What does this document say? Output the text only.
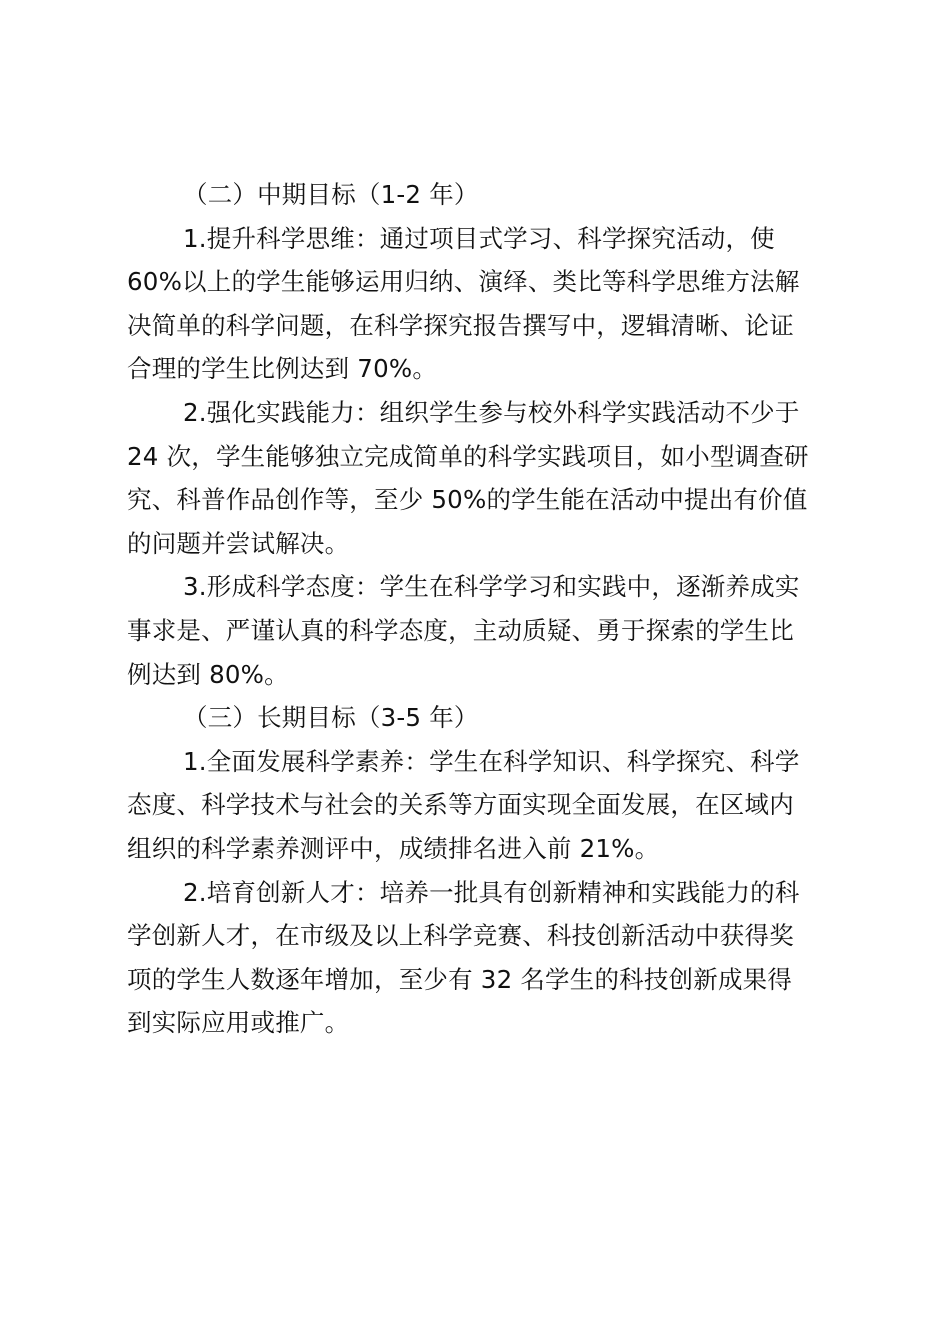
（二）中期目标（1-2 年）
1.提升科学思维：通过项目式学习、科学探究活动，使
60%以上的学生能够运用归纳、演绎、类比等科学思维方法解
决简单的科学问题，在科学探究报告撰写中，逻辑清晰、论证
合理的学生比例达到 70%。
2.强化实践能力：组织学生参与校外科学实践活动不少于
24 次，学生能够独立完成简单的科学实践项目，如小型调查研
究、科普作品创作等，至少 50%的学生能在活动中提出有价值
的问题并尝试解决。
3.形成科学态度：学生在科学学习和实践中，逐渐养成实
事求是、严谨认真的科学态度，主动质疑、勇于探索的学生比
例达到 80%。
（三）长期目标（3-5 年）
1.全面发展科学素养：学生在科学知识、科学探究、科学
态度、科学技术与社会的关系等方面实现全面发展，在区域内
组织的科学素养测评中，成绩排名进入前 21%。
2.培育创新人才：培养一批具有创新精神和实践能力的科
学创新人才，在市级及以上科学竞赛、科技创新活动中获得奖
项的学生人数逐年增加，至少有 32 名学生的科技创新成果得
到实际应用或推广。
